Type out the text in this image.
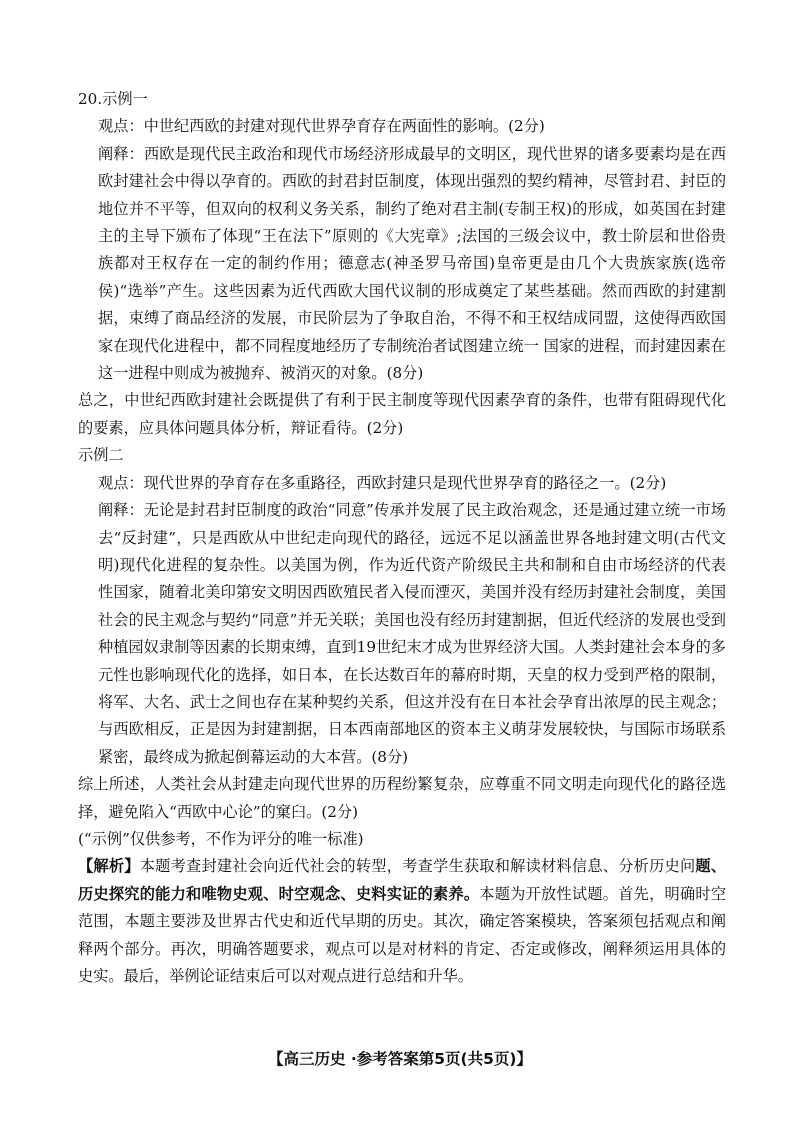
20.示例一

观点：中世纪西欧的封建对现代世界孕育存在两面性的影响。(2分)

阐释：西欧是现代民主政治和现代市场经济形成最早的文明区，现代世界的诸多要素均是在西欧封建社会中得以孕育的。西欧的封君封臣制度，体现出强烈的契约精神，尽管封君、封臣的地位并不平等，但双向的权利义务关系，制约了绝对君主制(专制王权)的形成，如英国在封建主的主导下颁布了体现“王在法下”原则的《大宪章》;法国的三级会议中，教士阶层和世俗贵族都对王权存在一定的制约作用；德意志(神圣罗马帝国)皇帝更是由几个大贵族家族(选帝侯)“选举”产生。这些因素为近代西欧大国代议制的形成奠定了某些基础。然而西欧的封建割据，束缚了商品经济的发展，市民阶层为了争取自治，不得不和王权结成同盟，这使得西欧国家在现代化进程中，都不同程度地经历了专制统治者试图建立统一 国家的进程，而封建因素在这一进程中则成为被抛弃、被消灭的对象。(8分)

总之，中世纪西欧封建社会既提供了有利于民主制度等现代因素孕育的条件，也带有阻碍现代化的要素，应具体问题具体分析，辩证看待。(2分)

示例二

观点：现代世界的孕育存在多重路径，西欧封建只是现代世界孕育的路径之一。(2分)

阐释：无论是封君封臣制度的政治“同意”传承并发展了民主政治观念，还是通过建立统一市场去“反封建”，只是西欧从中世纪走向现代的路径，远远不足以涵盖世界各地封建文明(古代文明)现代化进程的复杂性。以美国为例，作为近代资产阶级民主共和制和自由市场经济的代表性国家，随着北美印第安文明因西欧殖民者入侵而湮灭，美国并没有经历封建社会制度，美国社会的民主观念与契约“同意”并无关联；美国也没有经历封建割据，但近代经济的发展也受到种植园奴隶制等因素的长期束缚，直到19世纪末才成为世界经济大国。人类封建社会本身的多元性也影响现代化的选择，如日本，在长达数百年的幕府时期，天皇的权力受到严格的限制，将军、大名、武士之间也存在某种契约关系，但这并没有在日本社会孕育出浓厚的民主观念；与西欧相反，正是因为封建割据，日本西南部地区的资本主义萌芽发展较快，与国际市场联系紧密，最终成为掀起倒幕运动的大本营。(8分)

综上所述，人类社会从封建走向现代世界的历程纷繁复杂，应尊重不同文明走向现代化的路径选择，避免陷入“西欧中心论”的窠臼。(2分)

(“示例”仅供参考，不作为评分的唯一标准)

【解析】本题考查封建社会向近代社会的转型，考查学生获取和解读材料信息、分析历史问题、历史探究的能力和唯物史观、时空观念、史料实证的素养。本题为开放性试题。首先，明确时空范围，本题主要涉及世界古代史和近代早期的历史。其次，确定答案模块，答案须包括观点和阐释两个部分。再次，明确答题要求，观点可以是对材料的肯定、否定或修改，阐释须运用具体的史实。最后，举例论证结束后可以对观点进行总结和升华。

【高三历史 ·参考答案第5页(共5页)】
